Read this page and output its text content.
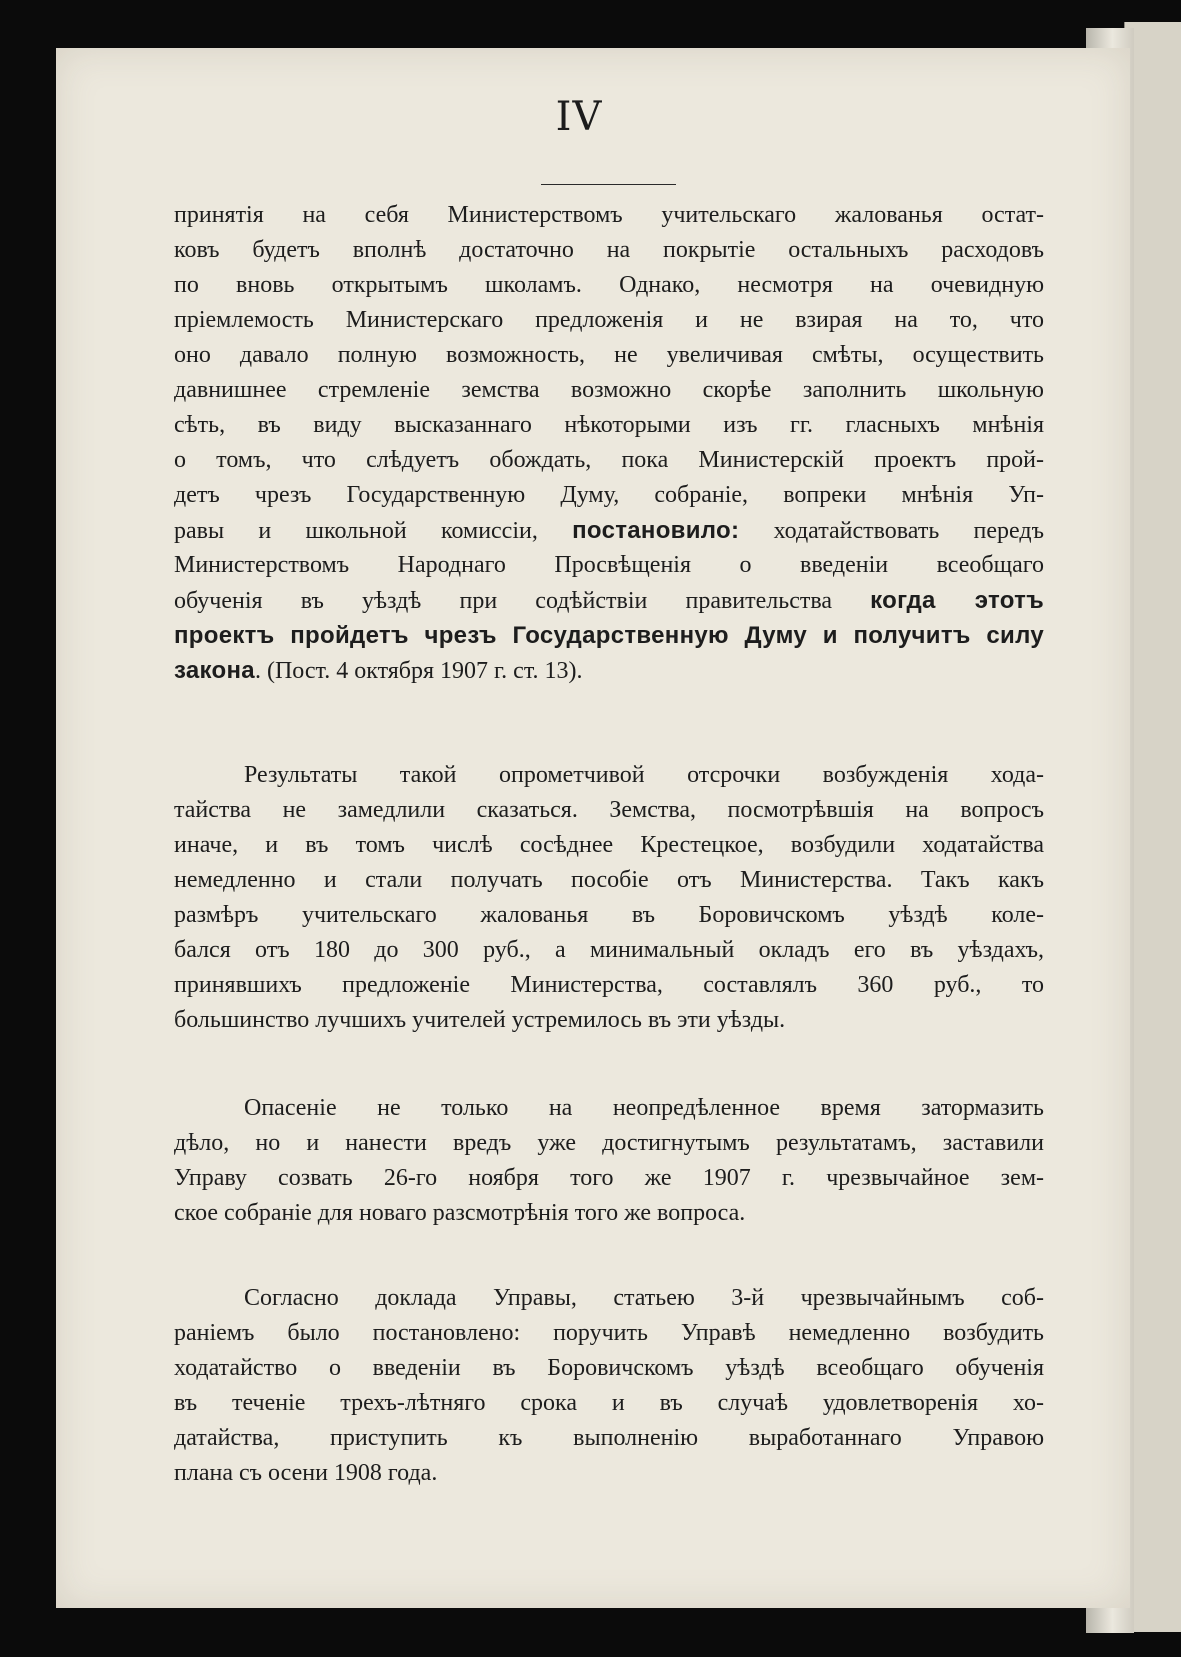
IV
принятія на себя Министерствомъ учительскаго жалованья остат-
ковъ будетъ вполнѣ достаточно на покрытіе остальныхъ расходовъ
по вновь открытымъ школамъ. Однако, несмотря на очевидную
пріемлемость Министерскаго предложенія и не взирая на то, что
оно давало полную возможность, не увеличивая смѣты, осуществить
давнишнее стремленіе земства возможно скорѣе заполнить школьную
сѣть, въ виду высказаннаго нѣкоторыми изъ гг. гласныхъ мнѣнія
о томъ, что слѣдуетъ обождать, пока Министерскій проектъ прой-
детъ чрезъ Государственную Думу, собраніе, вопреки мнѣнія Уп-
равы и школьной комиссіи, постановило: ходатайствовать передъ
Министерствомъ Народнаго Просвѣщенія о введеніи всеобщаго
обученія въ уѣздѣ при содѣйствіи правительства когда этотъ
проектъ пройдетъ чрезъ Государственную Думу и получитъ силу
закона. (Пост. 4 октября 1907 г. ст. 13).
Результаты такой опрометчивой отсрочки возбужденія хода-
тайства не замедлили сказаться. Земства, посмотрѣвшія на вопросъ
иначе, и въ томъ числѣ сосѣднее Крестецкое, возбудили ходатайства
немедленно и стали получать пособіе отъ Министерства. Такъ какъ
размѣръ учительскаго жалованья въ Боровичскомъ уѣздѣ коле-
бался отъ 180 до 300 руб., а минимальный окладъ его въ уѣздахъ,
принявшихъ предложеніе Министерства, составлялъ 360 руб., то
большинство лучшихъ учителей устремилось въ эти уѣзды.
Опасеніе не только на неопредѣленное время затормазить
дѣло, но и нанести вредъ уже достигнутымъ результатамъ, заставили
Управу созвать 26-го ноября того же 1907 г. чрезвычайное зем-
ское собраніе для новаго разсмотрѣнія того же вопроса.
Согласно доклада Управы, статьею 3-й чрезвычайнымъ соб-
раніемъ было постановлено: поручить Управѣ немедленно возбудить
ходатайство о введеніи въ Боровичскомъ уѣздѣ всеобщаго обученія
въ теченіе трехъ-лѣтняго срока и въ случаѣ удовлетворенія хо-
датайства, приступить къ выполненію выработаннаго Управою
плана съ осени 1908 года.
